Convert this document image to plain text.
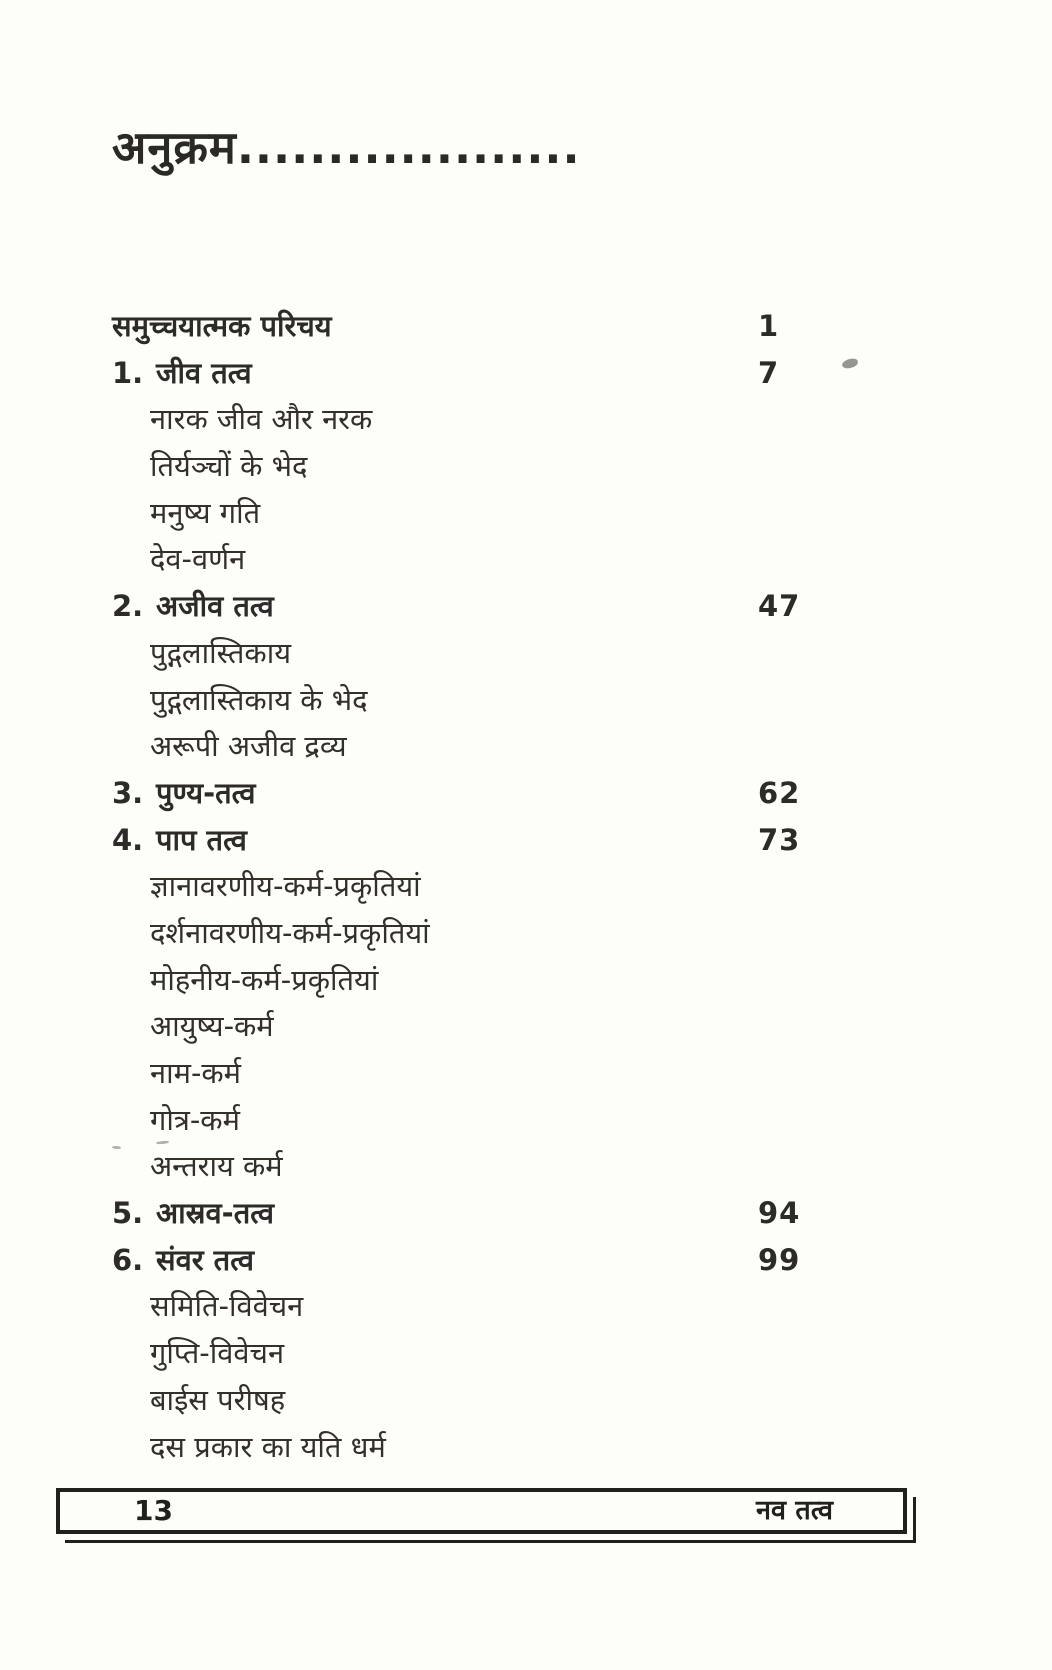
अनुक्रम...................
समुच्चयात्मक परिचय	1
1. जीव तत्व	7
नारक जीव और नरक
तिर्यञ्चों के भेद
मनुष्य गति
देव-वर्णन
2. अजीव तत्व	47
पुद्गलास्तिकाय
पुद्गलास्तिकाय के भेद
अरूपी अजीव द्रव्य
3. पुण्य-तत्व	62
4. पाप तत्व	73
ज्ञानावरणीय-कर्म-प्रकृतियां
दर्शनावरणीय-कर्म-प्रकृतियां
मोहनीय-कर्म-प्रकृतियां
आयुष्य-कर्म
नाम-कर्म
गोत्र-कर्म
अन्तराय कर्म
5. आस्रव-तत्व	94
6. संवर तत्व	99
समिति-विवेचन
गुप्ति-विवेचन
बाईस परीषह
दस प्रकार का यति धर्म
13	नव तत्व
